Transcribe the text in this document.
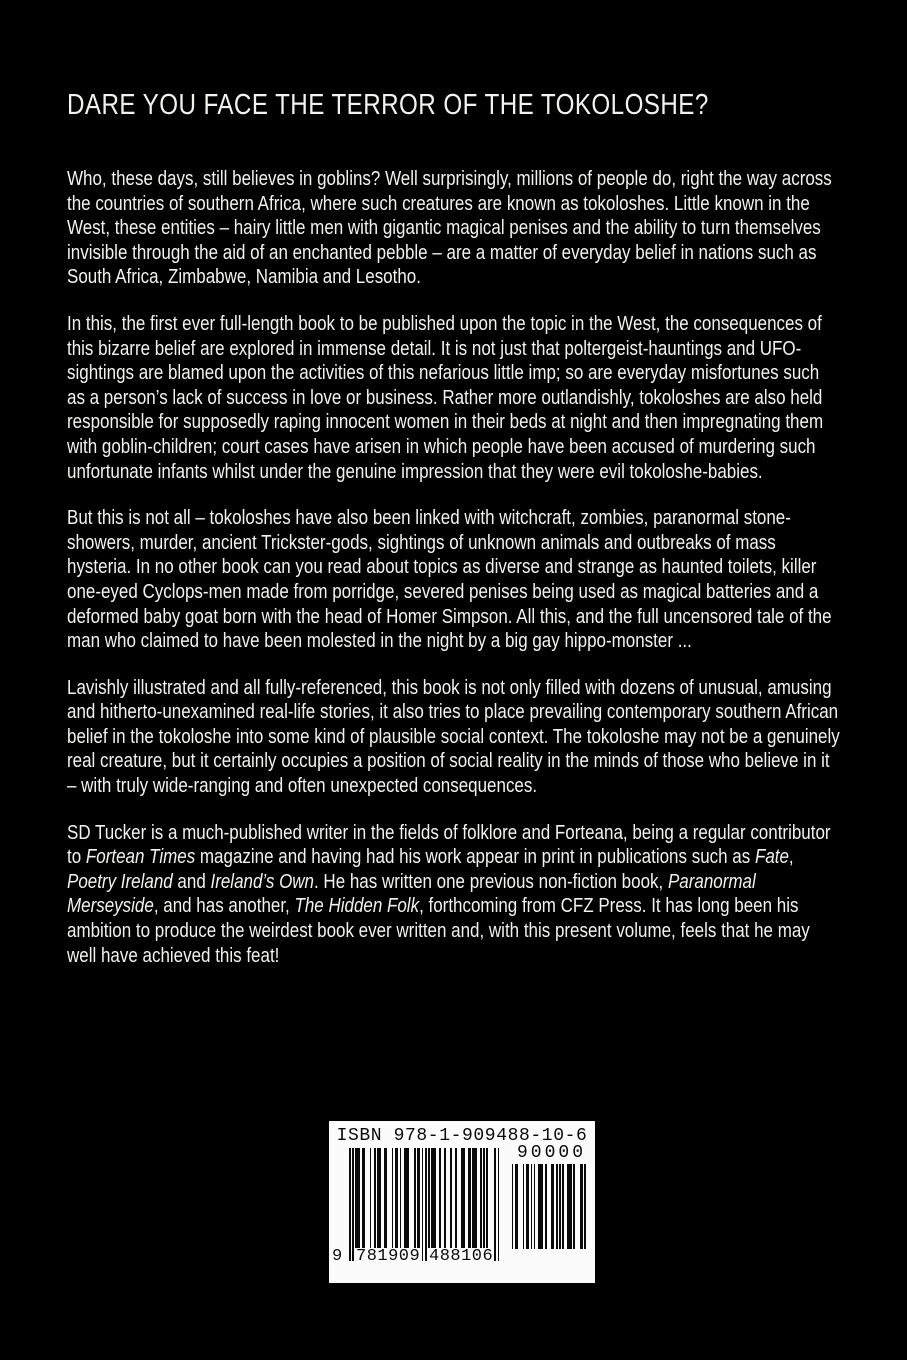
DARE YOU FACE THE TERROR OF THE TOKOLOSHE?

Who, these days, still believes in goblins? Well surprisingly, millions of people do, right the way across the countries of southern Africa, where such creatures are known as tokoloshes. Little known in the West, these entities – hairy little men with gigantic magical penises and the ability to turn themselves invisible through the aid of an enchanted pebble – are a matter of everyday belief in nations such as South Africa, Zimbabwe, Namibia and Lesotho.

In this, the first ever full-length book to be published upon the topic in the West, the consequences of this bizarre belief are explored in immense detail. It is not just that poltergeist-hauntings and UFO-sightings are blamed upon the activities of this nefarious little imp; so are everyday misfortunes such as a person’s lack of success in love or business. Rather more outlandishly, tokoloshes are also held responsible for supposedly raping innocent women in their beds at night and then impregnating them with goblin-children; court cases have arisen in which people have been accused of murdering such unfortunate infants whilst under the genuine impression that they were evil tokoloshe-babies.

But this is not all – tokoloshes have also been linked with witchcraft, zombies, paranormal stone-showers, murder, ancient Trickster-gods, sightings of unknown animals and outbreaks of mass hysteria. In no other book can you read about topics as diverse and strange as haunted toilets, killer one-eyed Cyclops-men made from porridge, severed penises being used as magical batteries and a deformed baby goat born with the head of Homer Simpson. All this, and the full uncensored tale of the man who claimed to have been molested in the night by a big gay hippo-monster ...

Lavishly illustrated and all fully-referenced, this book is not only filled with dozens of unusual, amusing and hitherto-unexamined real-life stories, it also tries to place prevailing contemporary southern African belief in the tokoloshe into some kind of plausible social context. The tokoloshe may not be a genuinely real creature, but it certainly occupies a position of social reality in the minds of those who believe in it – with truly wide-ranging and often unexpected consequences.

SD Tucker is a much-published writer in the fields of folklore and Forteana, being a regular contributor to Fortean Times magazine and having had his work appear in print in publications such as Fate, Poetry Ireland and Ireland’s Own. He has written one previous non-fiction book, Paranormal Merseyside, and has another, The Hidden Folk, forthcoming from CFZ Press. It has long been his ambition to produce the weirdest book ever written and, with this present volume, feels that he may well have achieved this feat!

ISBN 978-1-909488-10-6
9 781909 488106
90000
